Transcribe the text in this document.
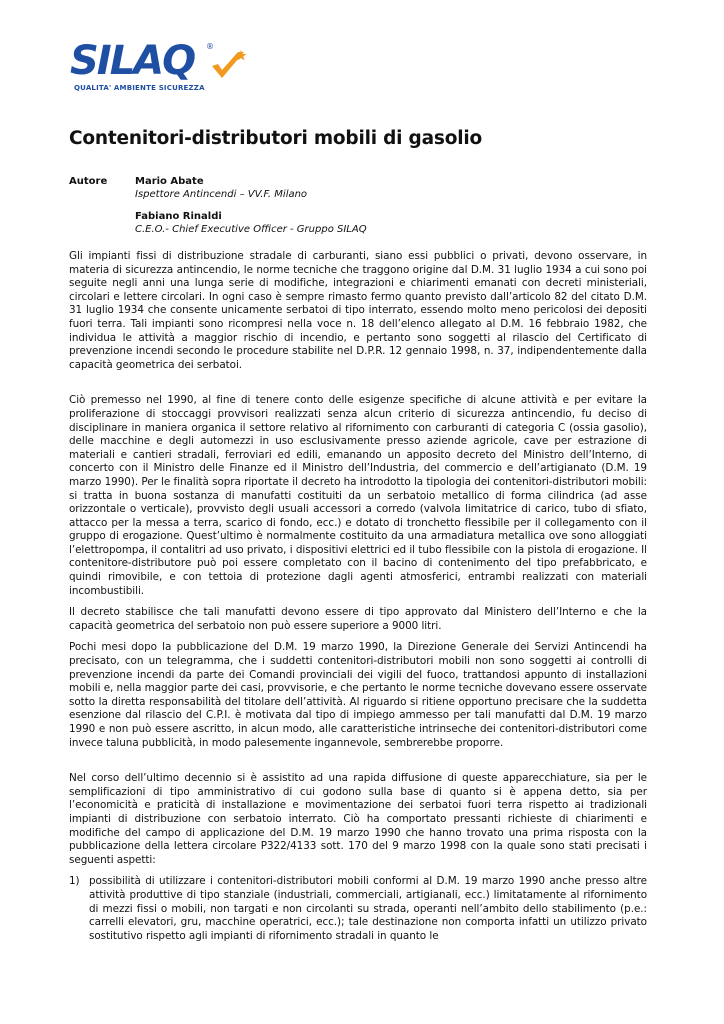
SILAQ ®
QUALITA' AMBIENTE SICUREZZA
Contenitori-distributori mobili di gasolio
Autore	Mario Abate
Ispettore Antincendi – VV.F. Milano
Fabiano Rinaldi
C.E.O.- Chief Executive Officer - Gruppo SILAQ

Gli impianti fissi di distribuzione stradale di carburanti, siano essi pubblici o privati, devono osservare, in materia di sicurezza antincendio, le norme tecniche che traggono origine dal D.M. 31 luglio 1934 a cui sono poi seguite negli anni una lunga serie di modifiche, integrazioni e chiarimenti emanati con decreti ministeriali, circolari e lettere circolari. In ogni caso è sempre rimasto fermo quanto previsto dall’articolo 82 del citato D.M. 31 luglio 1934 che consente unicamente serbatoi di tipo interrato, essendo molto meno pericolosi dei depositi fuori terra. Tali impianti sono ricompresi nella voce n. 18 dell’elenco allegato al D.M. 16 febbraio 1982, che individua le attività a maggior rischio di incendio, e pertanto sono soggetti al rilascio del Certificato di prevenzione incendi secondo le procedure stabilite nel D.P.R. 12 gennaio 1998, n. 37, indipendentemente dalla capacità geometrica dei serbatoi.

Ciò premesso nel 1990, al fine di tenere conto delle esigenze specifiche di alcune attività e per evitare la proliferazione di stoccaggi provvisori realizzati senza alcun criterio di sicurezza antincendio, fu deciso di disciplinare in maniera organica il settore relativo al rifornimento con carburanti di categoria C (ossia gasolio), delle macchine e degli automezzi in uso esclusivamente presso aziende agricole, cave per estrazione di materiali e cantieri stradali, ferroviari ed edili, emanando un apposito decreto del Ministro dell’Interno, di concerto con il Ministro delle Finanze ed il Ministro dell’Industria, del commercio e dell’artigianato (D.M. 19 marzo 1990). Per le finalità sopra riportate il decreto ha introdotto la tipologia dei contenitori-distributori mobili: si tratta in buona sostanza di manufatti costituiti da un serbatoio metallico di forma cilindrica (ad asse orizzontale o verticale), provvisto degli usuali accessori a corredo (valvola limitatrice di carico, tubo di sfiato, attacco per la messa a terra, scarico di fondo, ecc.) e dotato di tronchetto flessibile per il collegamento con il gruppo di erogazione. Quest’ultimo è normalmente costituito da una armadiatura metallica ove sono alloggiati l’elettropompa, il contalitri ad uso privato, i dispositivi elettrici ed il tubo flessibile con la pistola di erogazione. Il contenitore-distributore può poi essere completato con il bacino di contenimento del tipo prefabbricato, e quindi rimovibile, e con tettoia di protezione dagli agenti atmosferici, entrambi realizzati con materiali incombustibili.

Il decreto stabilisce che tali manufatti devono essere di tipo approvato dal Ministero dell’Interno e che la capacità geometrica del serbatoio non può essere superiore a 9000 litri.

Pochi mesi dopo la pubblicazione del D.M. 19 marzo 1990, la Direzione Generale dei Servizi Antincendi ha precisato, con un telegramma, che i suddetti contenitori-distributori mobili non sono soggetti ai controlli di prevenzione incendi da parte dei Comandi provinciali dei vigili del fuoco, trattandosi appunto di installazioni mobili e, nella maggior parte dei casi, provvisorie, e che pertanto le norme tecniche dovevano essere osservate sotto la diretta responsabilità del titolare dell’attività. Al riguardo si ritiene opportuno precisare che la suddetta esenzione dal rilascio del C.P.I. è motivata dal tipo di impiego ammesso per tali manufatti dal D.M. 19 marzo 1990 e non può essere ascritto, in alcun modo, alle caratteristiche intrinseche dei contenitori-distributori come invece taluna pubblicità, in modo palesemente ingannevole, sembrerebbe proporre.

Nel corso dell’ultimo decennio si è assistito ad una rapida diffusione di queste apparecchiature, sia per le semplificazioni di tipo amministrativo di cui godono sulla base di quanto si è appena detto, sia per l’economicità e praticità di installazione e movimentazione dei serbatoi fuori terra rispetto ai tradizionali impianti di distribuzione con serbatoio interrato. Ciò ha comportato pressanti richieste di chiarimenti e modifiche del campo di applicazione del D.M. 19 marzo 1990 che hanno trovato una prima risposta con la pubblicazione della lettera circolare P322/4133 sott. 170 del 9 marzo 1998 con la quale sono stati precisati i seguenti aspetti:

1) possibilità di utilizzare i contenitori-distributori mobili conformi al D.M. 19 marzo 1990 anche presso altre attività produttive di tipo stanziale (industriali, commerciali, artigianali, ecc.) limitatamente al rifornimento di mezzi fissi o mobili, non targati e non circolanti su strada, operanti nell’ambito dello stabilimento (p.e.: carrelli elevatori, gru, macchine operatrici, ecc.); tale destinazione non comporta infatti un utilizzo privato sostitutivo rispetto agli impianti di rifornimento stradali in quanto le
